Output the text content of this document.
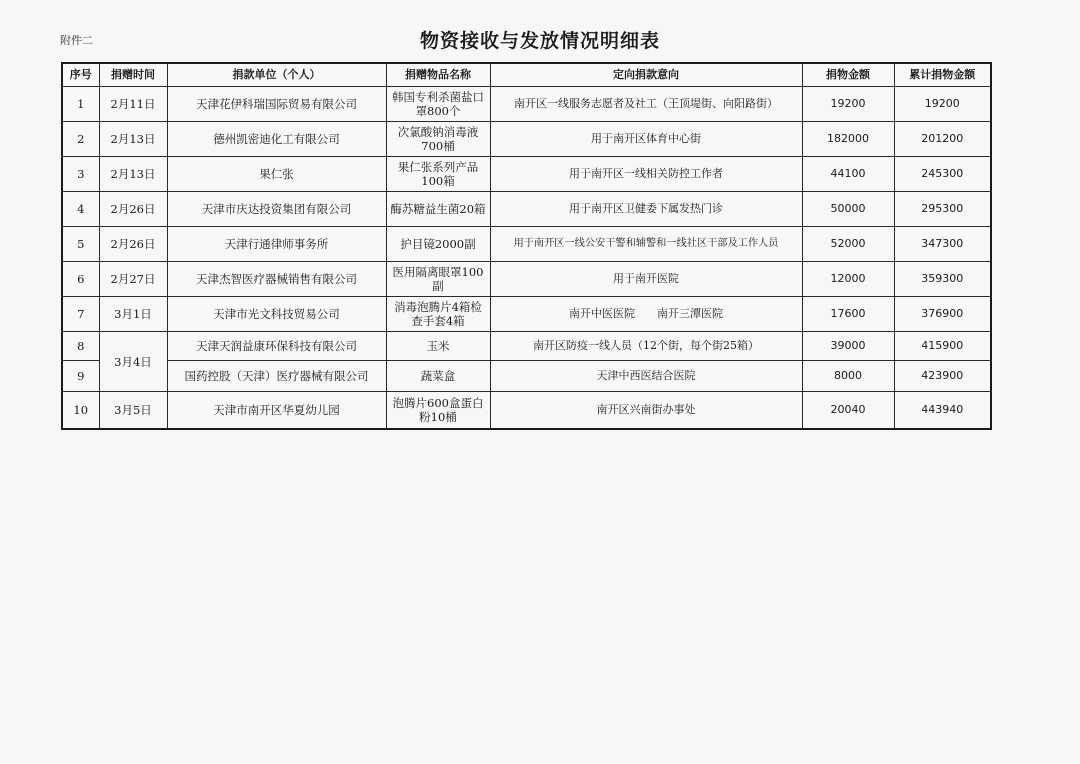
附件二	物资接收与发放情况明细表
序号	捐赠时间	捐款单位（个人）	捐赠物品名称	定向捐款意向	捐物金额	累计捐物金额
1	2月11日	天津花伊科瑞国际贸易有限公司	韩国专利杀菌盐口罩800个	南开区一线服务志愿者及社工（王顶堤街、向阳路街）	19200	19200
2	2月13日	德州凯密迪化工有限公司	次氯酸钠消毒液700桶	用于南开区体育中心街	182000	201200
3	2月13日	果仁张	果仁张系列产品100箱	用于南开区一线相关防控工作者	44100	245300
4	2月26日	天津市庆达投资集团有限公司	酶苏糖益生菌20箱	用于南开区卫健委下属发热门诊	50000	295300
5	2月26日	天津行通律师事务所	护目镜2000副	用于南开区一线公安干警和辅警和一线社区干部及工作人员	52000	347300
6	2月27日	天津杰智医疗器械销售有限公司	医用隔离眼罩100副	用于南开医院	12000	359300
7	3月1日	天津市光文科技贸易公司	消毒泡腾片4箱检查手套4箱	南开中医医院　　南开三潭医院	17600	376900
8	3月4日	天津天润益康环保科技有限公司	玉米	南开区防疫一线人员（12个街，每个街25箱）	39000	415900
9		国药控股（天津）医疗器械有限公司	蔬菜盒	天津中西医结合医院	8000	423900
10	3月5日	天津市南开区华夏幼儿园	泡腾片600盒蛋白粉10桶	南开区兴南街办事处	20040	443940
